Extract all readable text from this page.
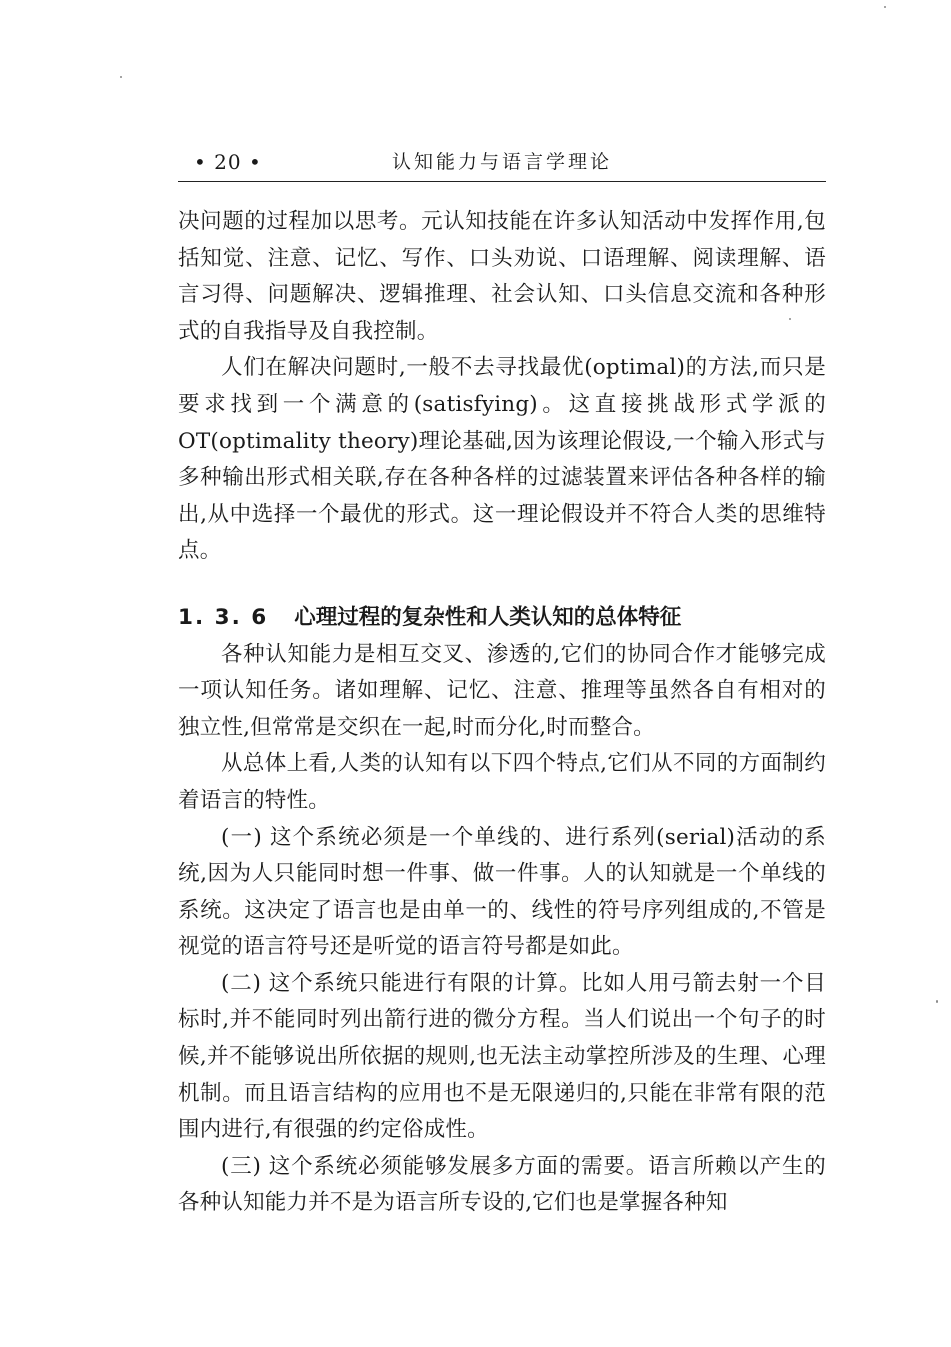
• 20 •	认知能力与语言学理论

决问题的过程加以思考。元认知技能在许多认知活动中发挥作用,包括知觉、注意、记忆、写作、口头劝说、口语理解、阅读理解、语言习得、问题解决、逻辑推理、社会认知、口头信息交流和各种形式的自我指导及自我控制。

人们在解决问题时,一般不去寻找最优(optimal)的方法,而只是要求找到一个满意的(satisfying)。这直接挑战形式学派的OT(optimality theory)理论基础,因为该理论假设,一个输入形式与多种输出形式相关联,存在各种各样的过滤装置来评估各种各样的输出,从中选择一个最优的形式。这一理论假设并不符合人类的思维特点。

1. 3. 6 心理过程的复杂性和人类认知的总体特征

各种认知能力是相互交叉、渗透的,它们的协同合作才能够完成一项认知任务。诸如理解、记忆、注意、推理等虽然各自有相对的独立性,但常常是交织在一起,时而分化,时而整合。

从总体上看,人类的认知有以下四个特点,它们从不同的方面制约着语言的特性。

(一) 这个系统必须是一个单线的、进行系列(serial)活动的系统,因为人只能同时想一件事、做一件事。人的认知就是一个单线的系统。这决定了语言也是由单一的、线性的符号序列组成的,不管是视觉的语言符号还是听觉的语言符号都是如此。

(二) 这个系统只能进行有限的计算。比如人用弓箭去射一个目标时,并不能同时列出箭行进的微分方程。当人们说出一个句子的时候,并不能够说出所依据的规则,也无法主动掌控所涉及的生理、心理机制。而且语言结构的应用也不是无限递归的,只能在非常有限的范围内进行,有很强的约定俗成性。

(三) 这个系统必须能够发展多方面的需要。语言所赖以产生的各种认知能力并不是为语言所专设的,它们也是掌握各种知
